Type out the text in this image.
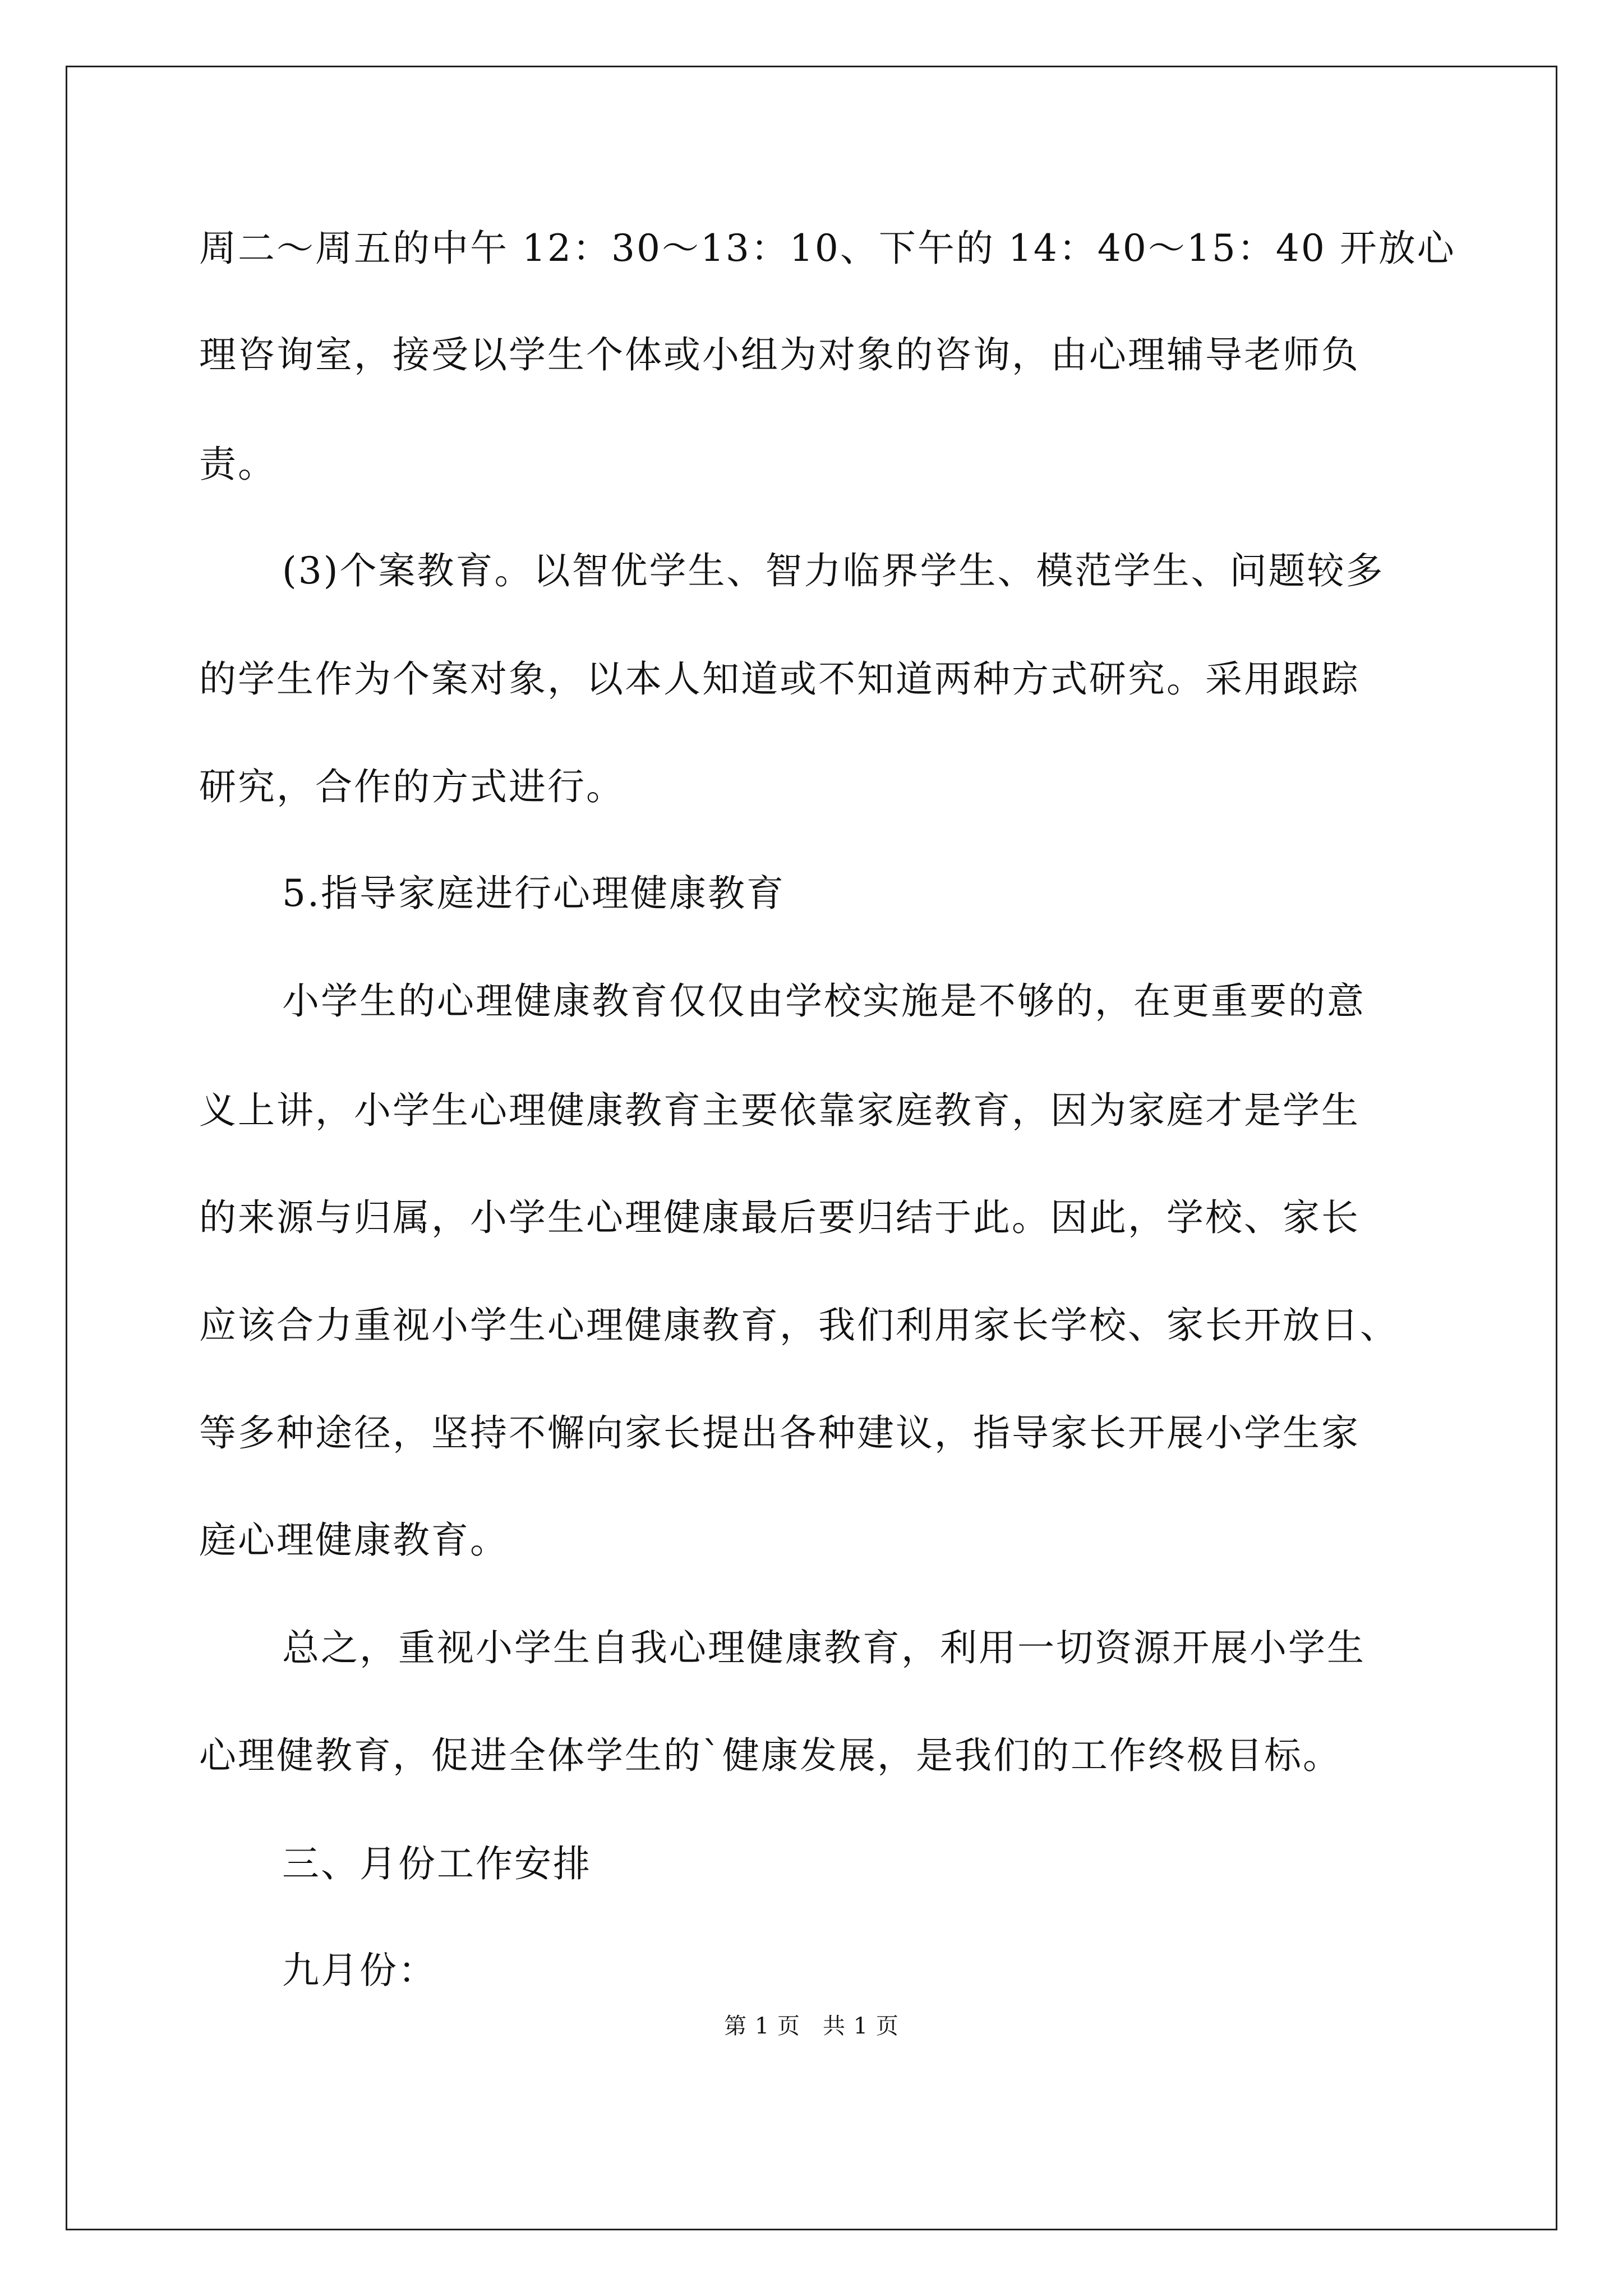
周二～周五的中午 12：30～13：10、下午的 14：40～15：40 开放心
理咨询室，接受以学生个体或小组为对象的咨询，由心理辅导老师负
责。
(3)个案教育。以智优学生、智力临界学生、模范学生、问题较多
的学生作为个案对象，以本人知道或不知道两种方式研究。采用跟踪
研究，合作的方式进行。
5.指导家庭进行心理健康教育
小学生的心理健康教育仅仅由学校实施是不够的，在更重要的意
义上讲，小学生心理健康教育主要依靠家庭教育，因为家庭才是学生
的来源与归属，小学生心理健康最后要归结于此。因此，学校、家长
应该合力重视小学生心理健康教育，我们利用家长学校、家长开放日、
等多种途径，坚持不懈向家长提出各种建议，指导家长开展小学生家
庭心理健康教育。
总之，重视小学生自我心理健康教育，利用一切资源开展小学生
心理健教育，促进全体学生的`健康发展，是我们的工作终极目标。
三、月份工作安排
九月份：
第 1 页 共 1 页
